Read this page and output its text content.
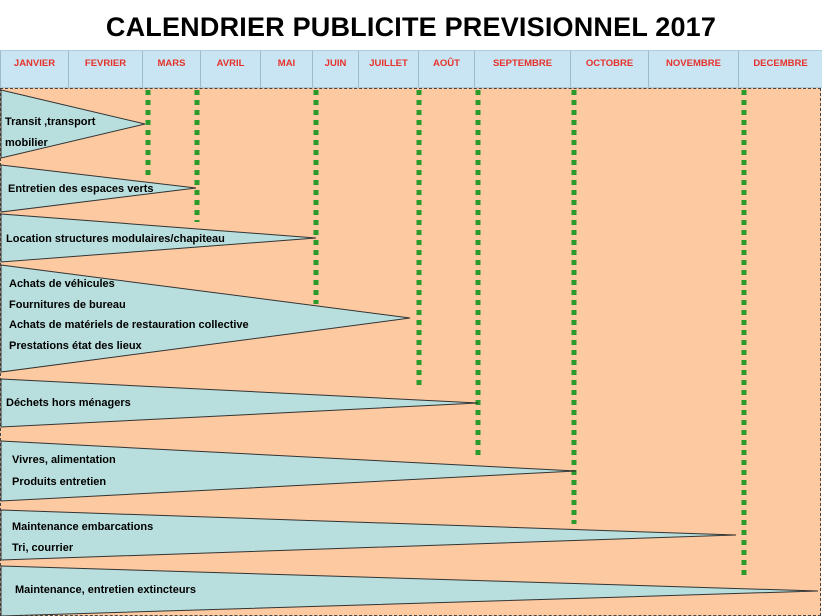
CALENDRIER PUBLICITE PREVISIONNEL 2017
JANVIER	FEVRIER	MARS	AVRIL	MAI	JUIN	JUILLET	AOÛT	SEPTEMBRE	OCTOBRE	NOVEMBRE	DECEMBRE
Transit ,transport
mobilier
Entretien des espaces verts
Location structures modulaires/chapiteau
Achats de véhicules
Fournitures de bureau
Achats de matériels de restauration collective
Prestations état des lieux
Déchets hors ménagers
Vivres, alimentation
Produits entretien
Maintenance embarcations
Tri, courrier
Maintenance, entretien extincteurs
